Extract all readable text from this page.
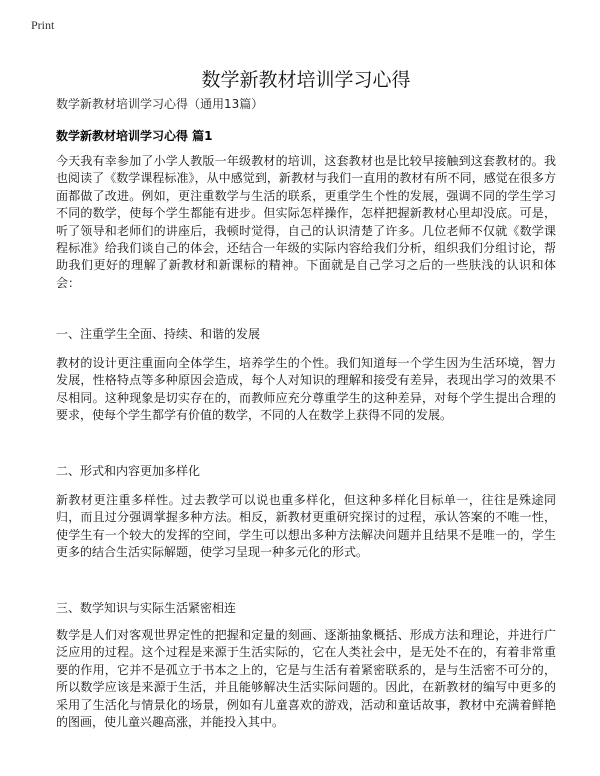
Print
数学新教材培训学习心得
数学新教材培训学习心得（通用13篇）
数学新教材培训学习心得 篇1

今天我有幸参加了小学人教版一年级教材的培训，这套教材也是比较早接触到这套教材的。我也阅读了《数学课程标准》，从中感觉到，新教材与我们一直用的教材有所不同，感觉在很多方面都做了改进。例如，更注重数学与生活的联系，更重学生个性的发展，强调不同的学生学习不同的数学，使每个学生都能有进步。但实际怎样操作，怎样把握新教材心里却没底。可是，听了领导和老师们的讲座后，我顿时觉得，自己的认识清楚了许多。几位老师不仅就《数学课程标准》给我们谈自己的体会，还结合一年级的实际内容给我们分析，组织我们分组讨论，帮助我们更好的理解了新教材和新课标的精神。下面就是自己学习之后的一些肤浅的认识和体会：

一、注重学生全面、持续、和谐的发展

教材的设计更注重面向全体学生，培养学生的个性。我们知道每一个学生因为生活环境，智力发展，性格特点等多种原因会造成，每个人对知识的理解和接受有差异，表现出学习的效果不尽相同。这种现象是切实存在的，而教师应充分尊重学生的这种差异，对每个学生提出合理的要求，使每个学生都学有价值的数学，不同的人在数学上获得不同的发展。

二、形式和内容更加多样化

新教材更注重多样性。过去教学可以说也重多样化，但这种多样化目标单一，往往是殊途同归，而且过分强调掌握多种方法。相反，新教材更重研究探讨的过程，承认答案的不唯一性，使学生有一个较大的发挥的空间，学生可以想出多种方法解决问题并且结果不是唯一的，学生更多的结合生活实际解题，使学习呈现一种多元化的形式。

三、数学知识与实际生活紧密相连

数学是人们对客观世界定性的把握和定量的刻画、逐渐抽象概括、形成方法和理论，并进行广泛应用的过程。这个过程是来源于生活实际的，它在人类社会中，是无处不在的，有着非常重要的作用，它并不是孤立于书本之上的，它是与生活有着紧密联系的，是与生活密不可分的，所以数学应该是来源于生活，并且能够解决生活实际问题的。因此，在新教材的编写中更多的采用了生活化与情景化的场景，例如有儿童喜欢的游戏，活动和童话故事，教材中充满着鲜艳的图画，使儿童兴趣高涨，并能投入其中。
